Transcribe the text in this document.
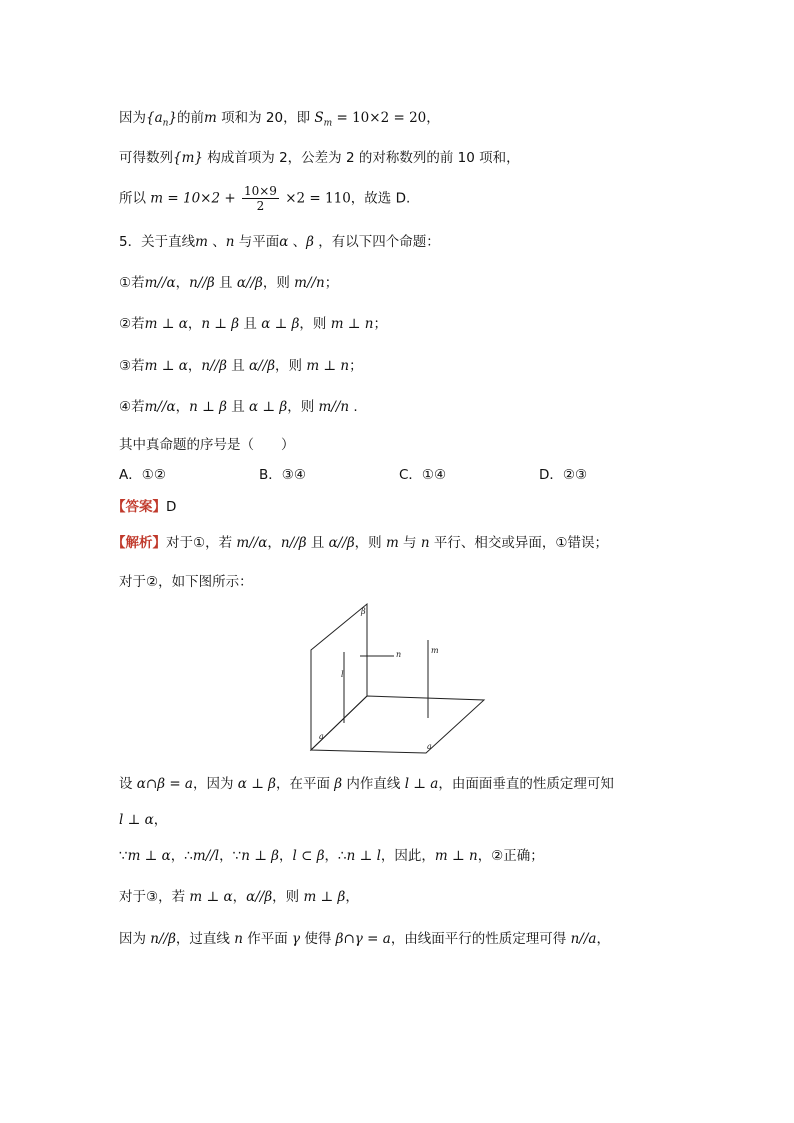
因为$\{a_n\}$的前m 项和为 20，即 $S_m = 10\times 2 = 20$，
可得数列{m} 构成首项为 2，公差为 2 的对称数列的前 10 项和，
所以 $m = 10\times 2 + \frac{10\times 9}{2} \times 2 = 110$，故选 D.
5．关于直线m 、n 与平面α 、β ，有以下四个命题：
①若m//α，n//β 且 α//β，则 m//n；
②若m ⊥ α，n ⊥ β 且 α ⊥ β，则 m ⊥ n；
③若m ⊥ α，n//β 且 α//β，则 m ⊥ n；
④若m//α，n ⊥ β 且 α ⊥ β，则 m//n .
其中真命题的序号是（　　）
A．①②	B．③④	C．①④	D．②③
【答案】D
【解析】对于①，若 m//α，n//β 且 α//β，则 m 与 n 平行、相交或异面，①错误；
对于②，如下图所示：
β
n	m
l
a
a
设 α∩β = a，因为 α ⊥ β，在平面 β 内作直线 l ⊥ a，由面面垂直的性质定理可知
l ⊥ α，
∵m ⊥ α，∴m//l，∵n ⊥ β，l ⊂ β，∴n ⊥ l，因此，m ⊥ n，②正确；
对于③，若 m ⊥ α，α//β，则 m ⊥ β，
因为 n//β，过直线 n 作平面 γ 使得 β∩γ = a，由线面平行的性质定理可得 n//a，
